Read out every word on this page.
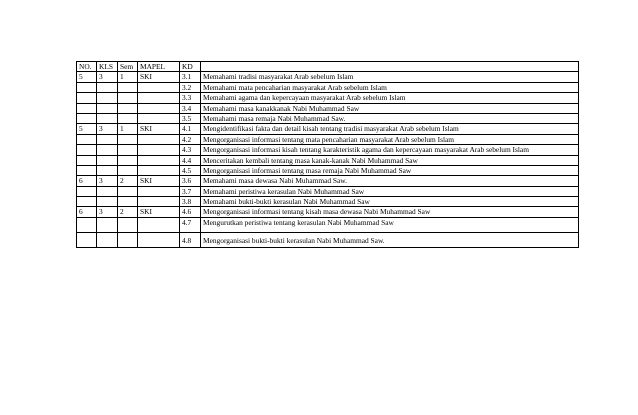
NO.	KLS	Sem	MAPEL	KD	
5	3	1	SKI	3.1	Memahami tradisi masyarakat Arab sebelum Islam
				3.2	Memahami mata pencaharian masyarakat Arab sebelum Islam
				3.3	Memahami agama dan kepercayaan masyarakat Arab sebelum Islam
				3.4	Memahami masa kanakkanak Nabi Muhammad Saw
				3.5	Memahami masa remaja Nabi Muhammad Saw.
5	3	1	SKI	4.1	Mengidentifikasi fakta dan detail kisah tentang tradisi masyarakat Arab sebelum Islam
				4.2	Mengorganisasi informasi tentang mata pencaharian masyarakat Arab sebelum Islam
				4.3	Mengorganisasi informasi kisah tentang karakteristik agama dan kepercayaan masyarakat Arab sebelum Islam
				4.4	Menceritakan kembali tentang masa kanak-kanak Nabi Muhammad Saw
				4.5	Mengorganisasi informasi tentang masa remaja Nabi Muhammad Saw
6	3	2	SKI	3.6	Memahami masa dewasa Nabi Muhammad Saw.
				3.7	Memahami peristiwa kerasulan Nabi Muhammad Saw
				3.8	Memahami bukti-bukti kerasulan Nabi Muhammad Saw
6	3	2	SKI	4.6	Mengorganisasi informasi tentang kisah masa dewasa Nabi Muhammad Saw
				4.7	Mengurutkan peristiwa tentang kerasulan Nabi Muhammad Saw
				4.8	Mengorganisasi bukti-bukti kerasulan Nabi Muhammad Saw.
